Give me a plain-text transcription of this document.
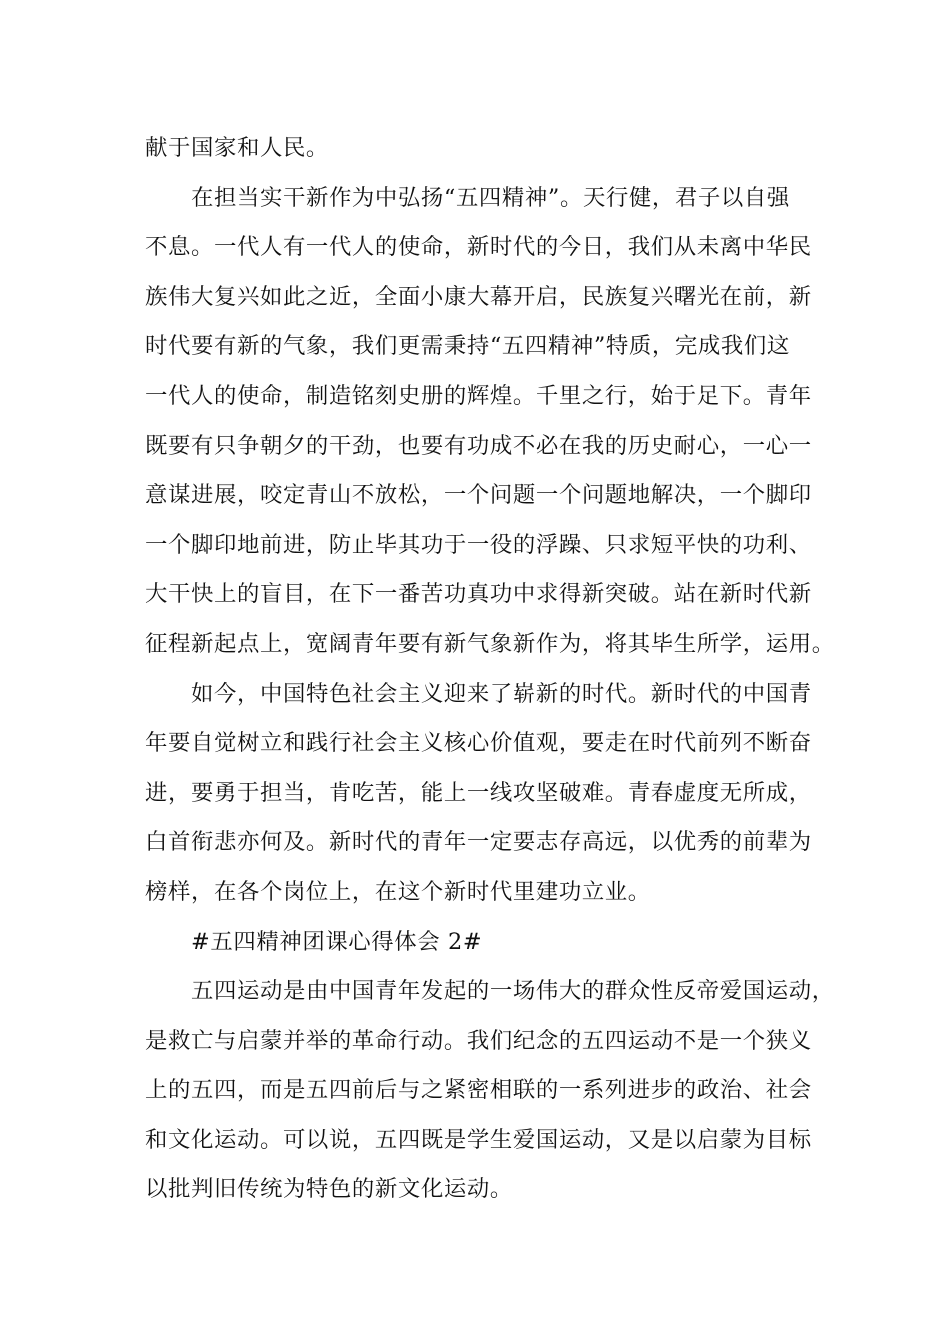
献于国家和人民。
在担当实干新作为中弘扬“五四精神”。天行健，君子以自强
不息。一代人有一代人的使命，新时代的今日，我们从未离中华民
族伟大复兴如此之近，全面小康大幕开启，民族复兴曙光在前，新
时代要有新的气象，我们更需秉持“五四精神”特质，完成我们这
一代人的使命，制造铭刻史册的辉煌。千里之行，始于足下。青年
既要有只争朝夕的干劲，也要有功成不必在我的历史耐心，一心一
意谋进展，咬定青山不放松，一个问题一个问题地解决，一个脚印
一个脚印地前进，防止毕其功于一役的浮躁、只求短平快的功利、
大干快上的盲目，在下一番苦功真功中求得新突破。站在新时代新
征程新起点上，宽阔青年要有新气象新作为，将其毕生所学，运用。
如今，中国特色社会主义迎来了崭新的时代。新时代的中国青
年要自觉树立和践行社会主义核心价值观，要走在时代前列不断奋
进，要勇于担当，肯吃苦，能上一线攻坚破难。青春虚度无所成，
白首衔悲亦何及。新时代的青年一定要志存高远，以优秀的前辈为
榜样，在各个岗位上，在这个新时代里建功立业。
#五四精神团课心得体会 2#
五四运动是由中国青年发起的一场伟大的群众性反帝爱国运动，
是救亡与启蒙并举的革命行动。我们纪念的五四运动不是一个狭义
上的五四，而是五四前后与之紧密相联的一系列进步的政治、社会
和文化运动。可以说，五四既是学生爱国运动，又是以启蒙为目标
以批判旧传统为特色的新文化运动。
